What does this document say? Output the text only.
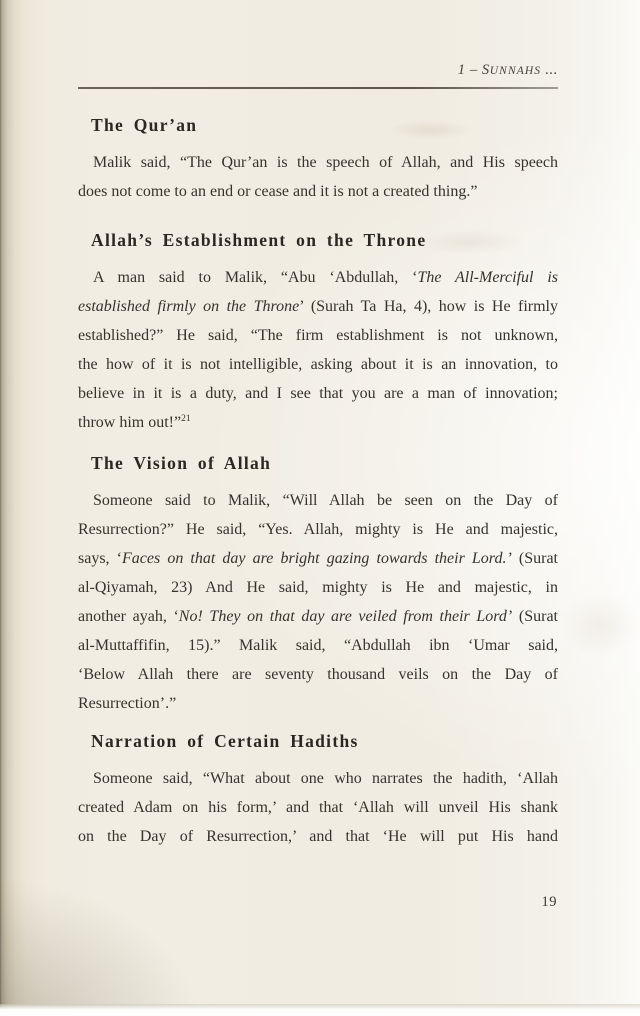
1 – SUNNAHS ...
The Qur’an

Malik said, “The Qur’an is the speech of Allah, and His speech
does not come to an end or cease and it is not a created thing.”

Allah’s Establishment on the Throne

A man said to Malik, “Abu ‘Abdullah, ‘The All-Merciful is
established firmly on the Throne’ (Surah Ta Ha, 4), how is He firmly
established?” He said, “The firm establishment is not unknown,
the how of it is not intelligible, asking about it is an innovation, to
believe in it is a duty, and I see that you are a man of innovation;
throw him out!”$^{21}$

The Vision of Allah

Someone said to Malik, “Will Allah be seen on the Day of
Resurrection?” He said, “Yes. Allah, mighty is He and majestic,
says, ‘Faces on that day are bright gazing towards their Lord.’ (Surat
al-Qiyamah, 23) And He said, mighty is He and majestic, in
another ayah, ‘No! They on that day are veiled from their Lord’ (Surat
al-Muttaffifin, 15).” Malik said, “Abdullah ibn ‘Umar said,
‘Below Allah there are seventy thousand veils on the Day of
Resurrection’.”

Narration of Certain Hadiths

Someone said, “What about one who narrates the hadith, ‘Allah
created Adam on his form,’ and that ‘Allah will unveil His shank
on the Day of Resurrection,’ and that ‘He will put His hand

19
